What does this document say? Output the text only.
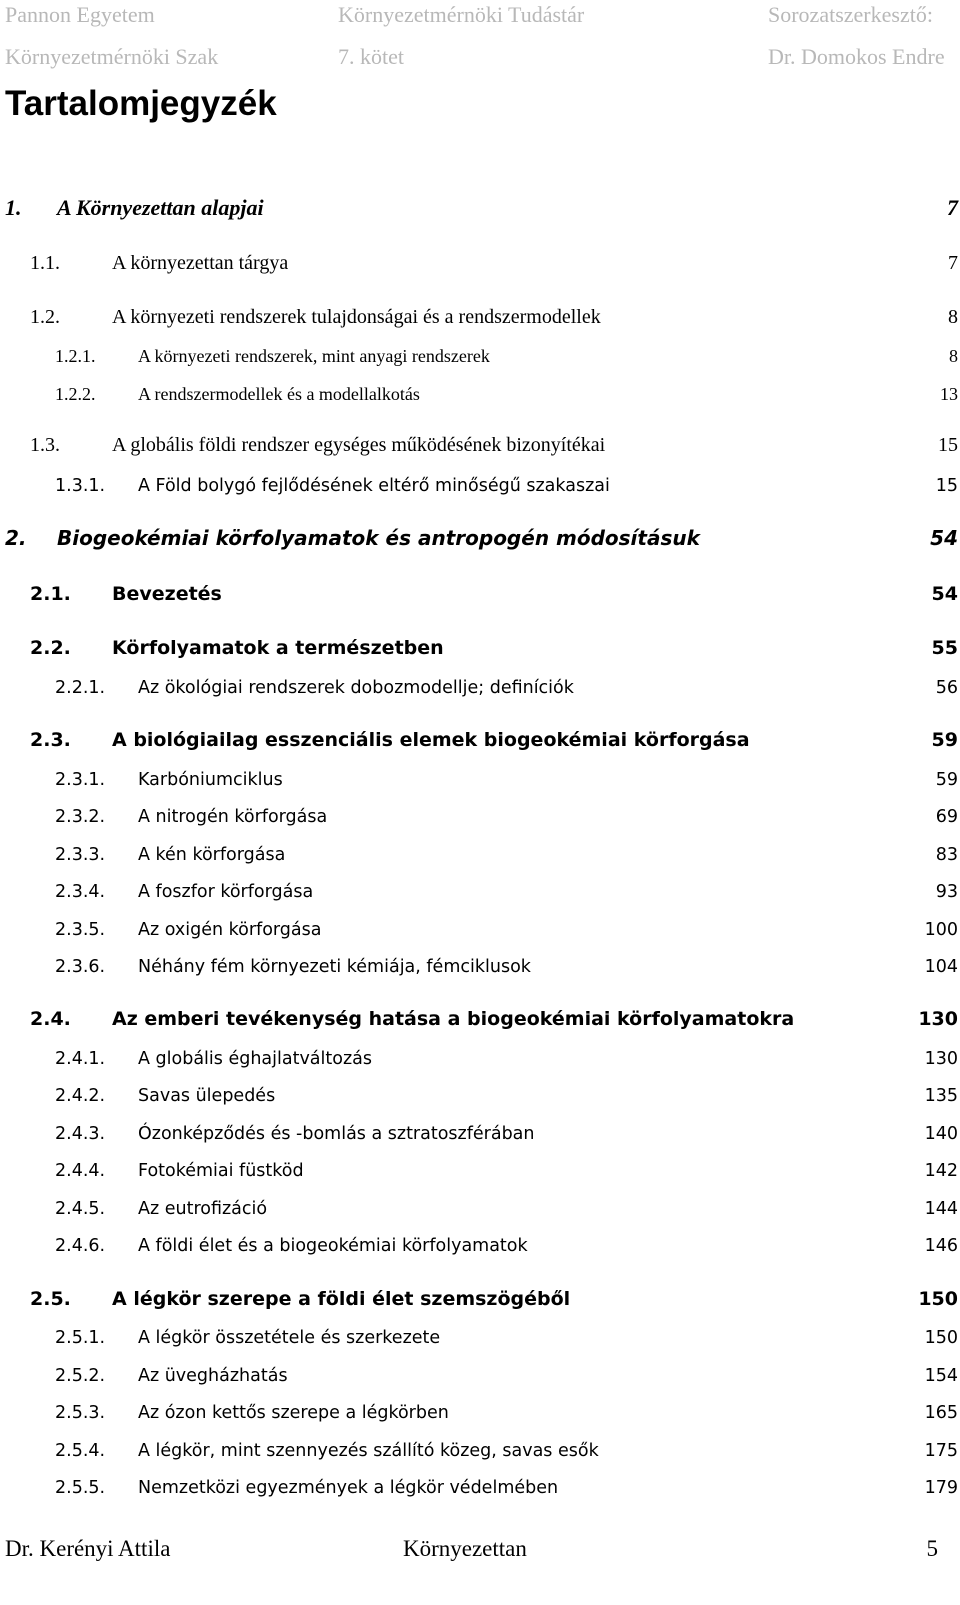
Pannon Egyetem	Környezetmérnöki Tudástár	Sorozatszerkesztő:
Környezetmérnöki Szak	7. kötet	Dr. Domokos Endre
Tartalomjegyzék
1. A Környezettan alapjai	7
1.1.	A környezettan tárgya	7
1.2.	A környezeti rendszerek tulajdonságai és a rendszermodellek	8
1.2.1. A környezeti rendszerek, mint anyagi rendszerek	8
1.2.2. A rendszermodellek és a modellalkotás	13
1.3.	A globális földi rendszer egységes működésének bizonyítékai	15
1.3.1. A Föld bolygó fejlődésének eltérő minőségű szakaszai	15
2. Biogeokémiai körfolyamatok és antropogén módosításuk	54
2.1. Bevezetés	54
2.2. Körfolyamatok a természetben	55
2.2.1. Az ökológiai rendszerek dobozmodellje; definíciók	56
2.3. A biológiailag esszenciális elemek biogeokémiai körforgása	59
2.3.1. Karbóniumciklus	59
2.3.2. A nitrogén körforgása	69
2.3.3. A kén körforgása	83
2.3.4. A foszfor körforgása	93
2.3.5. Az oxigén körforgása	100
2.3.6. Néhány fém környezeti kémiája, fémciklusok	104
2.4. Az emberi tevékenység hatása a biogeokémiai körfolyamatokra	130
2.4.1. A globális éghajlatváltozás	130
2.4.2. Savas ülepedés	135
2.4.3. Ózonképződés és -bomlás a sztratoszférában	140
2.4.4. Fotokémiai füstköd	142
2.4.5. Az eutrofizáció	144
2.4.6. A földi élet és a biogeokémiai körfolyamatok	146
2.5. A légkör szerepe a földi élet szemszögéből	150
2.5.1. A légkör összetétele és szerkezete	150
2.5.2. Az üvegházhatás	154
2.5.3. Az ózon kettős szerepe a légkörben	165
2.5.4. A légkör, mint szennyezés szállító közeg, savas esők	175
2.5.5. Nemzetközi egyezmények a légkör védelmében	179
Dr. Kerényi Attila	Környezettan	5
